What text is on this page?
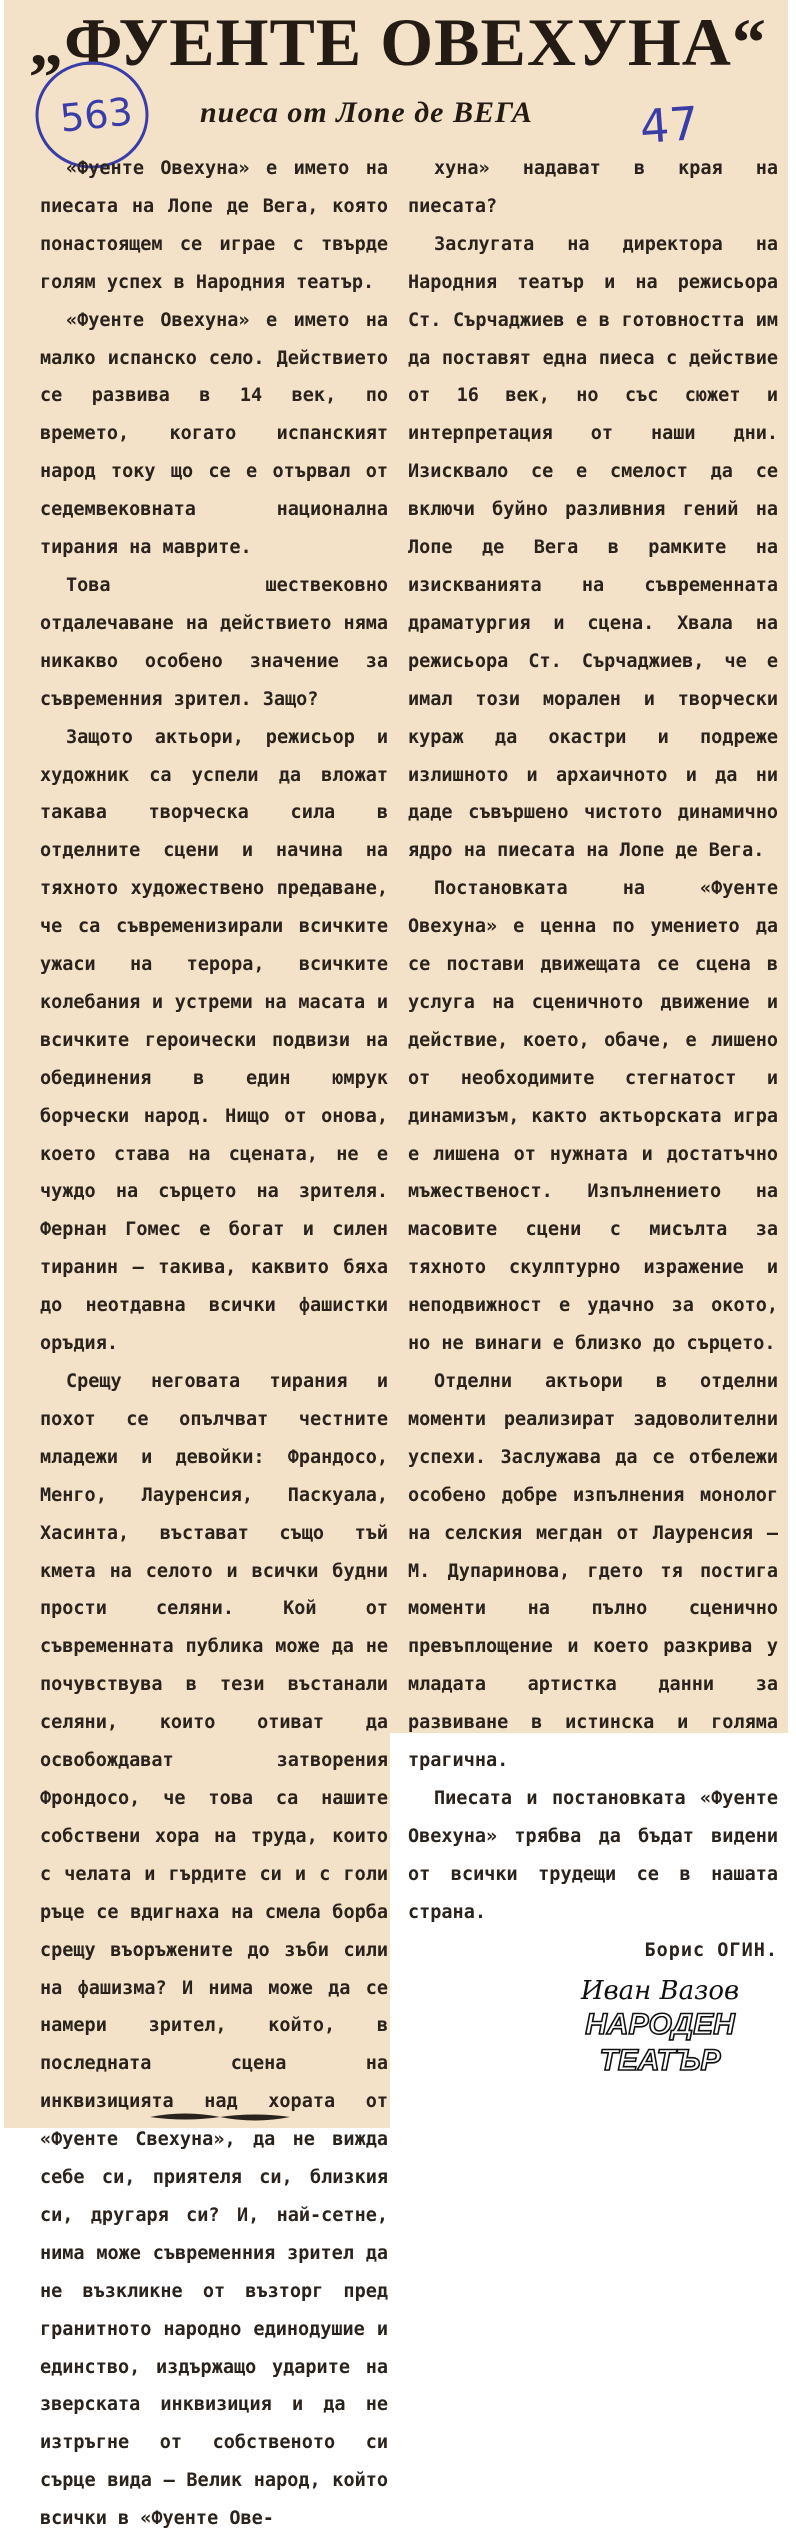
„ФУЕНТЕ ОВЕХУНА“
пиеса от Лопе де ВЕГА
563	47

«Фуенте Овехуна» е името на пиесата на Лопе де Вега, която понастоящем се играе с твърде голям успех в Народния театър.

«Фуенте Овехуна» е името на малко испанско село. Действието се развива в 14 век, по времето, когато испанският народ току що се е отървал от седемвековната национална тирания на маврите.

Това шествековно отдалечаване на действието няма никакво особено значение за съвременния зрител. Защо?

Защото актьори, режисьор и художник са успели да вложат такава творческа сила в отделните сцени и начина на тяхното художествено предаване, че са съвременизирали всичките ужаси на терора, всичките колебания и устреми на масата и всичките героически подвизи на обединения в един юмрук борчески народ. Нищо от онова, което става на сцената, не е чуждо на сърцето на зрителя. Фернан Гомес е богат и силен тиранин — такива, каквито бяха до неотдавна всички фашистки оръдия.

Срещу неговата тирания и похот се опълчват честните младежи и девойки: Франдосо, Менго, Лауренсия, Паскуала, Хасинта, въстават също тъй кмета на селото и всички будни прости селяни. Кой от съвременната публика може да не почувствува в тези въстанали селяни, които отиват да освобождават затворения Фрондосо, че това са нашите собствени хора на труда, които с челата и гърдите си и с голи ръце се вдигнаха на смела борба срещу въоръжените до зъби сили на фашизма? И нима може да се намери зрител, който, в последната сцена на инквизицията над хората от «Фуенте Свехуна», да не вижда себе си, приятеля си, близкия си, другаря си? И, най-сетне, нима може съвременния зрител да не възкликне от възторг пред гранитното народно единодушие и единство, издържащо ударите на зверската инквизиция и да не изтръгне от собственото си сърце вида — Велик народ, който всички в «Фуенте Ове-

хуна» надават в края на пиесата?

Заслугата на директора на Народния театър и на режисьора Ст. Сърчаджиев е в готовността им да поставят една пиеса с действие от 16 век, но със сюжет и интерпретация от наши дни. Изисквало се е смелост да се включи буйно разливния гений на Лопе де Вега в рамките на изискванията на съвременната драматургия и сцена. Хвала на режисьора Ст. Сърчаджиев, че е имал този морален и творчески кураж да окастри и подреже излишното и архаичното и да ни даде съвършено чистото динамично ядро на пиесата на Лопе де Вега.

Постановката на «Фуенте Овехуна» е ценна по умението да се постави движещата се сцена в услуга на сценичното движение и действие, което, обаче, е лишено от необходимите стегнатост и динамизъм, както актьорската игра е лишена от нужната и достатъчно мъжественост. Изпълнението на масовите сцени с мисълта за тяхното скулптурно изражение и неподвижност е удачно за окото, но не винаги е близко до сърцето.

Отделни актьори в отделни моменти реализират задоволителни успехи. Заслужава да се отбележи особено добре изпълнения монолог на селския мегдан от Лауренсия — М. Дупаринова, гдето тя постига моменти на пълно сценично превъплощение и което разкрива у младата артистка данни за развиване в истинска и голяма трагична.

Пиесата и постановката «Фуенте Овехуна» трябва да бъдат видени от всички трудещи се в нашата страна.

Борис ОГИН.

Иван Вазов
НАРОДЕН
ТЕАТЪР
